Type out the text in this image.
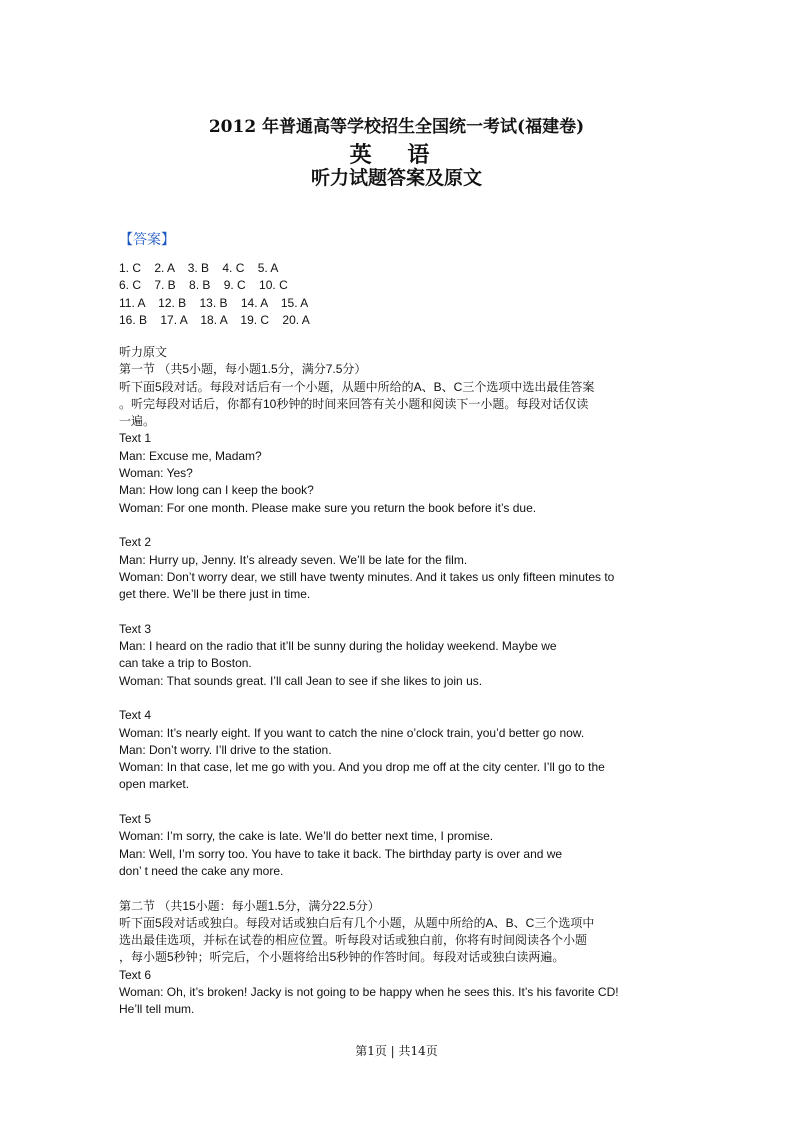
2012 年普通高等学校招生全国统一考试(福建卷)
英 语
听力试题答案及原文
【答案】
1. C    2. A    3. B    4. C    5. A
6. C    7. B    8. B    9. C    10. C
11. A    12. B    13. B    14. A    15. A
16. B    17. A    18. A    19. C    20. A
听力原文
第一节 （共5小题，每小题1.5分，满分7.5分）
听下面5段对话。每段对话后有一个小题，从题中所给的A、B、C三个选项中选出最佳答案
。听完每段对话后，你都有10秒钟的时间来回答有关小题和阅读下一小题。每段对话仅读
一遍。
Text 1
Man: Excuse me, Madam?
Woman: Yes?
Man: How long can I keep the book?
Woman: For one month. Please make sure you return the book before it’s due.
Text 2
Man: Hurry up, Jenny. It’s already seven. We’ll be late for the film.
Woman: Don’t worry dear, we still have twenty minutes. And it takes us only fifteen minutes to
get there. We’ll be there just in time.
Text 3
Man: I heard on the radio that it’ll be sunny during the holiday weekend. Maybe we
can take a trip to Boston.
Woman: That sounds great. I’ll call Jean to see if she likes to join us.
Text 4
Woman: It’s nearly eight. If you want to catch the nine o’clock train, you’d better go now.
Man: Don’t worry. I’ll drive to the station.
Woman: In that case, let me go with you. And you drop me off at the city center. I’ll go to the
open market.
Text 5
Woman: I’m sorry, the cake is late. We’ll do better next time, I promise.
Man: Well, I’m sorry too. You have to take it back. The birthday party is over and we
don’ t need the cake any more.
第二节 （共15小题：每小题1.5分，满分22.5分）
听下面5段对话或独白。每段对话或独白后有几个小题，从题中所给的A、B、C三个选项中
选出最佳选项，并标在试卷的相应位置。听每段对话或独白前，你将有时间阅读各个小题
，每小题5秒钟；听完后，个小题将给出5秒钟的作答时间。每段对话或独白读两遍。
Text 6
Woman: Oh, it’s broken! Jacky is not going to be happy when he sees this. It’s his favorite CD!
He’ll tell mum.
第1页 | 共14页
